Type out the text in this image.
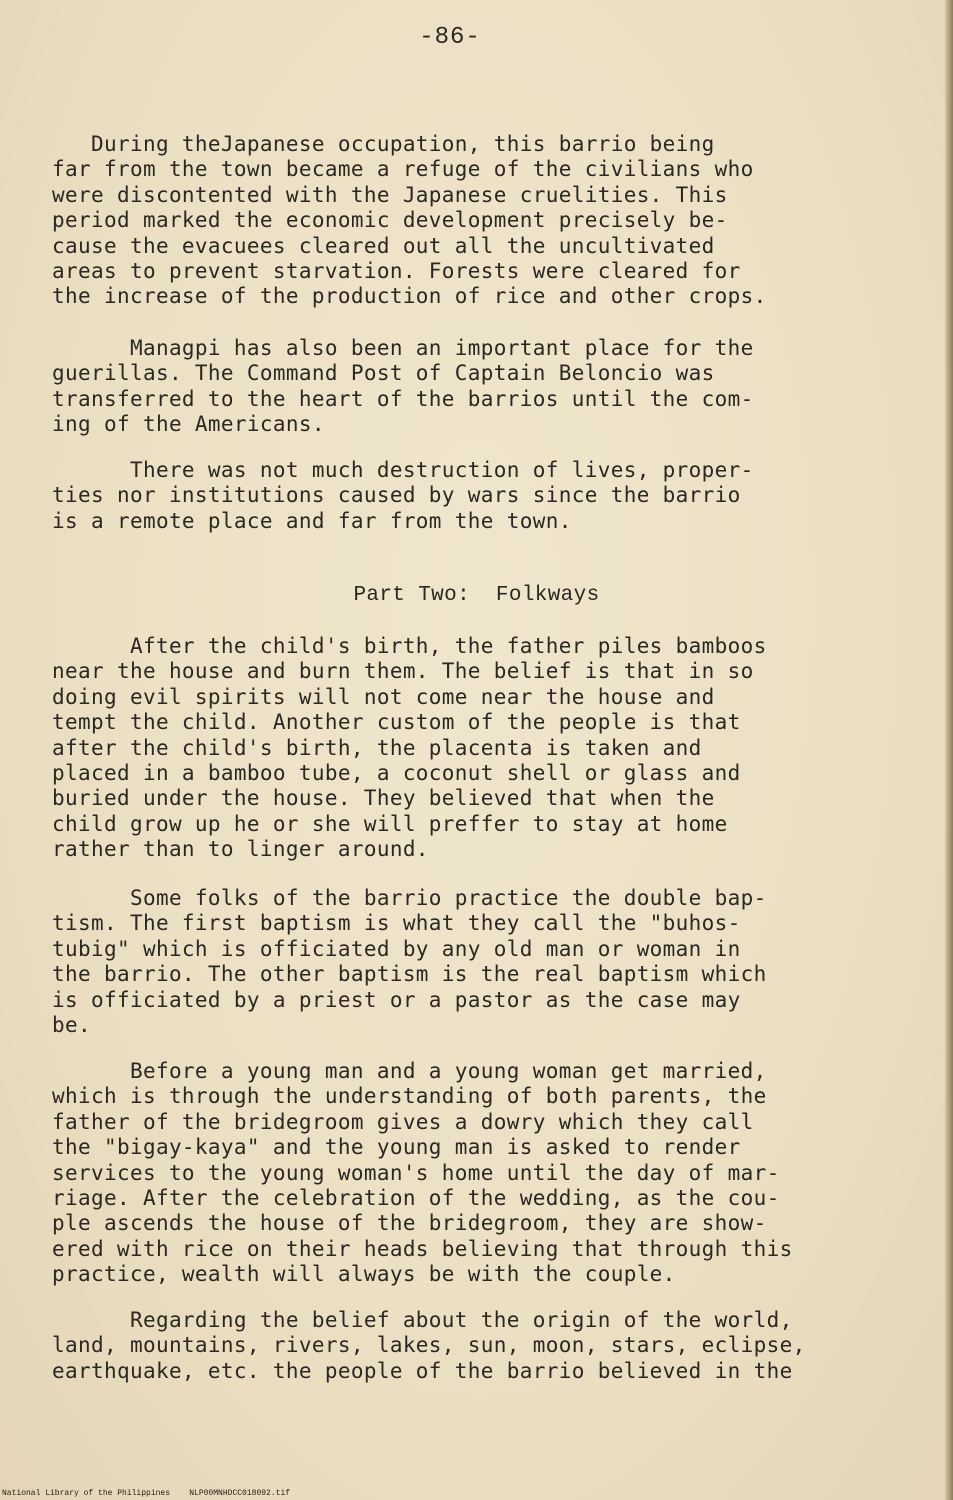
-86-
During theJapanese occupation, this barrio being
far from the town became a refuge of the civilians who
were discontented with the Japanese cruelities. This
period marked the economic development precisely be-
cause the evacuees cleared out all the uncultivated
areas to prevent starvation. Forests were cleared for
the increase of the production of rice and other crops.
Managpi has also been an important place for the
guerillas. The Command Post of Captain Beloncio was
transferred to the heart of the barrios until the com-
ing of the Americans.
There was not much destruction of lives, proper-
ties nor institutions caused by wars since the barrio
is a remote place and far from the town.
Part Two:  Folkways
After the child's birth, the father piles bamboos
near the house and burn them. The belief is that in so
doing evil spirits will not come near the house and
tempt the child. Another custom of the people is that
after the child's birth, the placenta is taken and
placed in a bamboo tube, a coconut shell or glass and
buried under the house. They believed that when the
child grow up he or she will preffer to stay at home
rather than to linger around.
Some folks of the barrio practice the double bap-
tism. The first baptism is what they call the "buhos-
tubig" which is officiated by any old man or woman in
the barrio. The other baptism is the real baptism which
is officiated by a priest or a pastor as the case may
be.
Before a young man and a young woman get married,
which is through the understanding of both parents, the
father of the bridegroom gives a dowry which they call
the "bigay-kaya" and the young man is asked to render
services to the young woman's home until the day of mar-
riage. After the celebration of the wedding, as the cou-
ple ascends the house of the bridegroom, they are show-
ered with rice on their heads believing that through this
practice, wealth will always be with the couple.
Regarding the belief about the origin of the world,
land, mountains, rivers, lakes, sun, moon, stars, eclipse,
earthquake, etc. the people of the barrio believed in the
National Library of the Philippines    NLP00MNHDCC018092.tif
